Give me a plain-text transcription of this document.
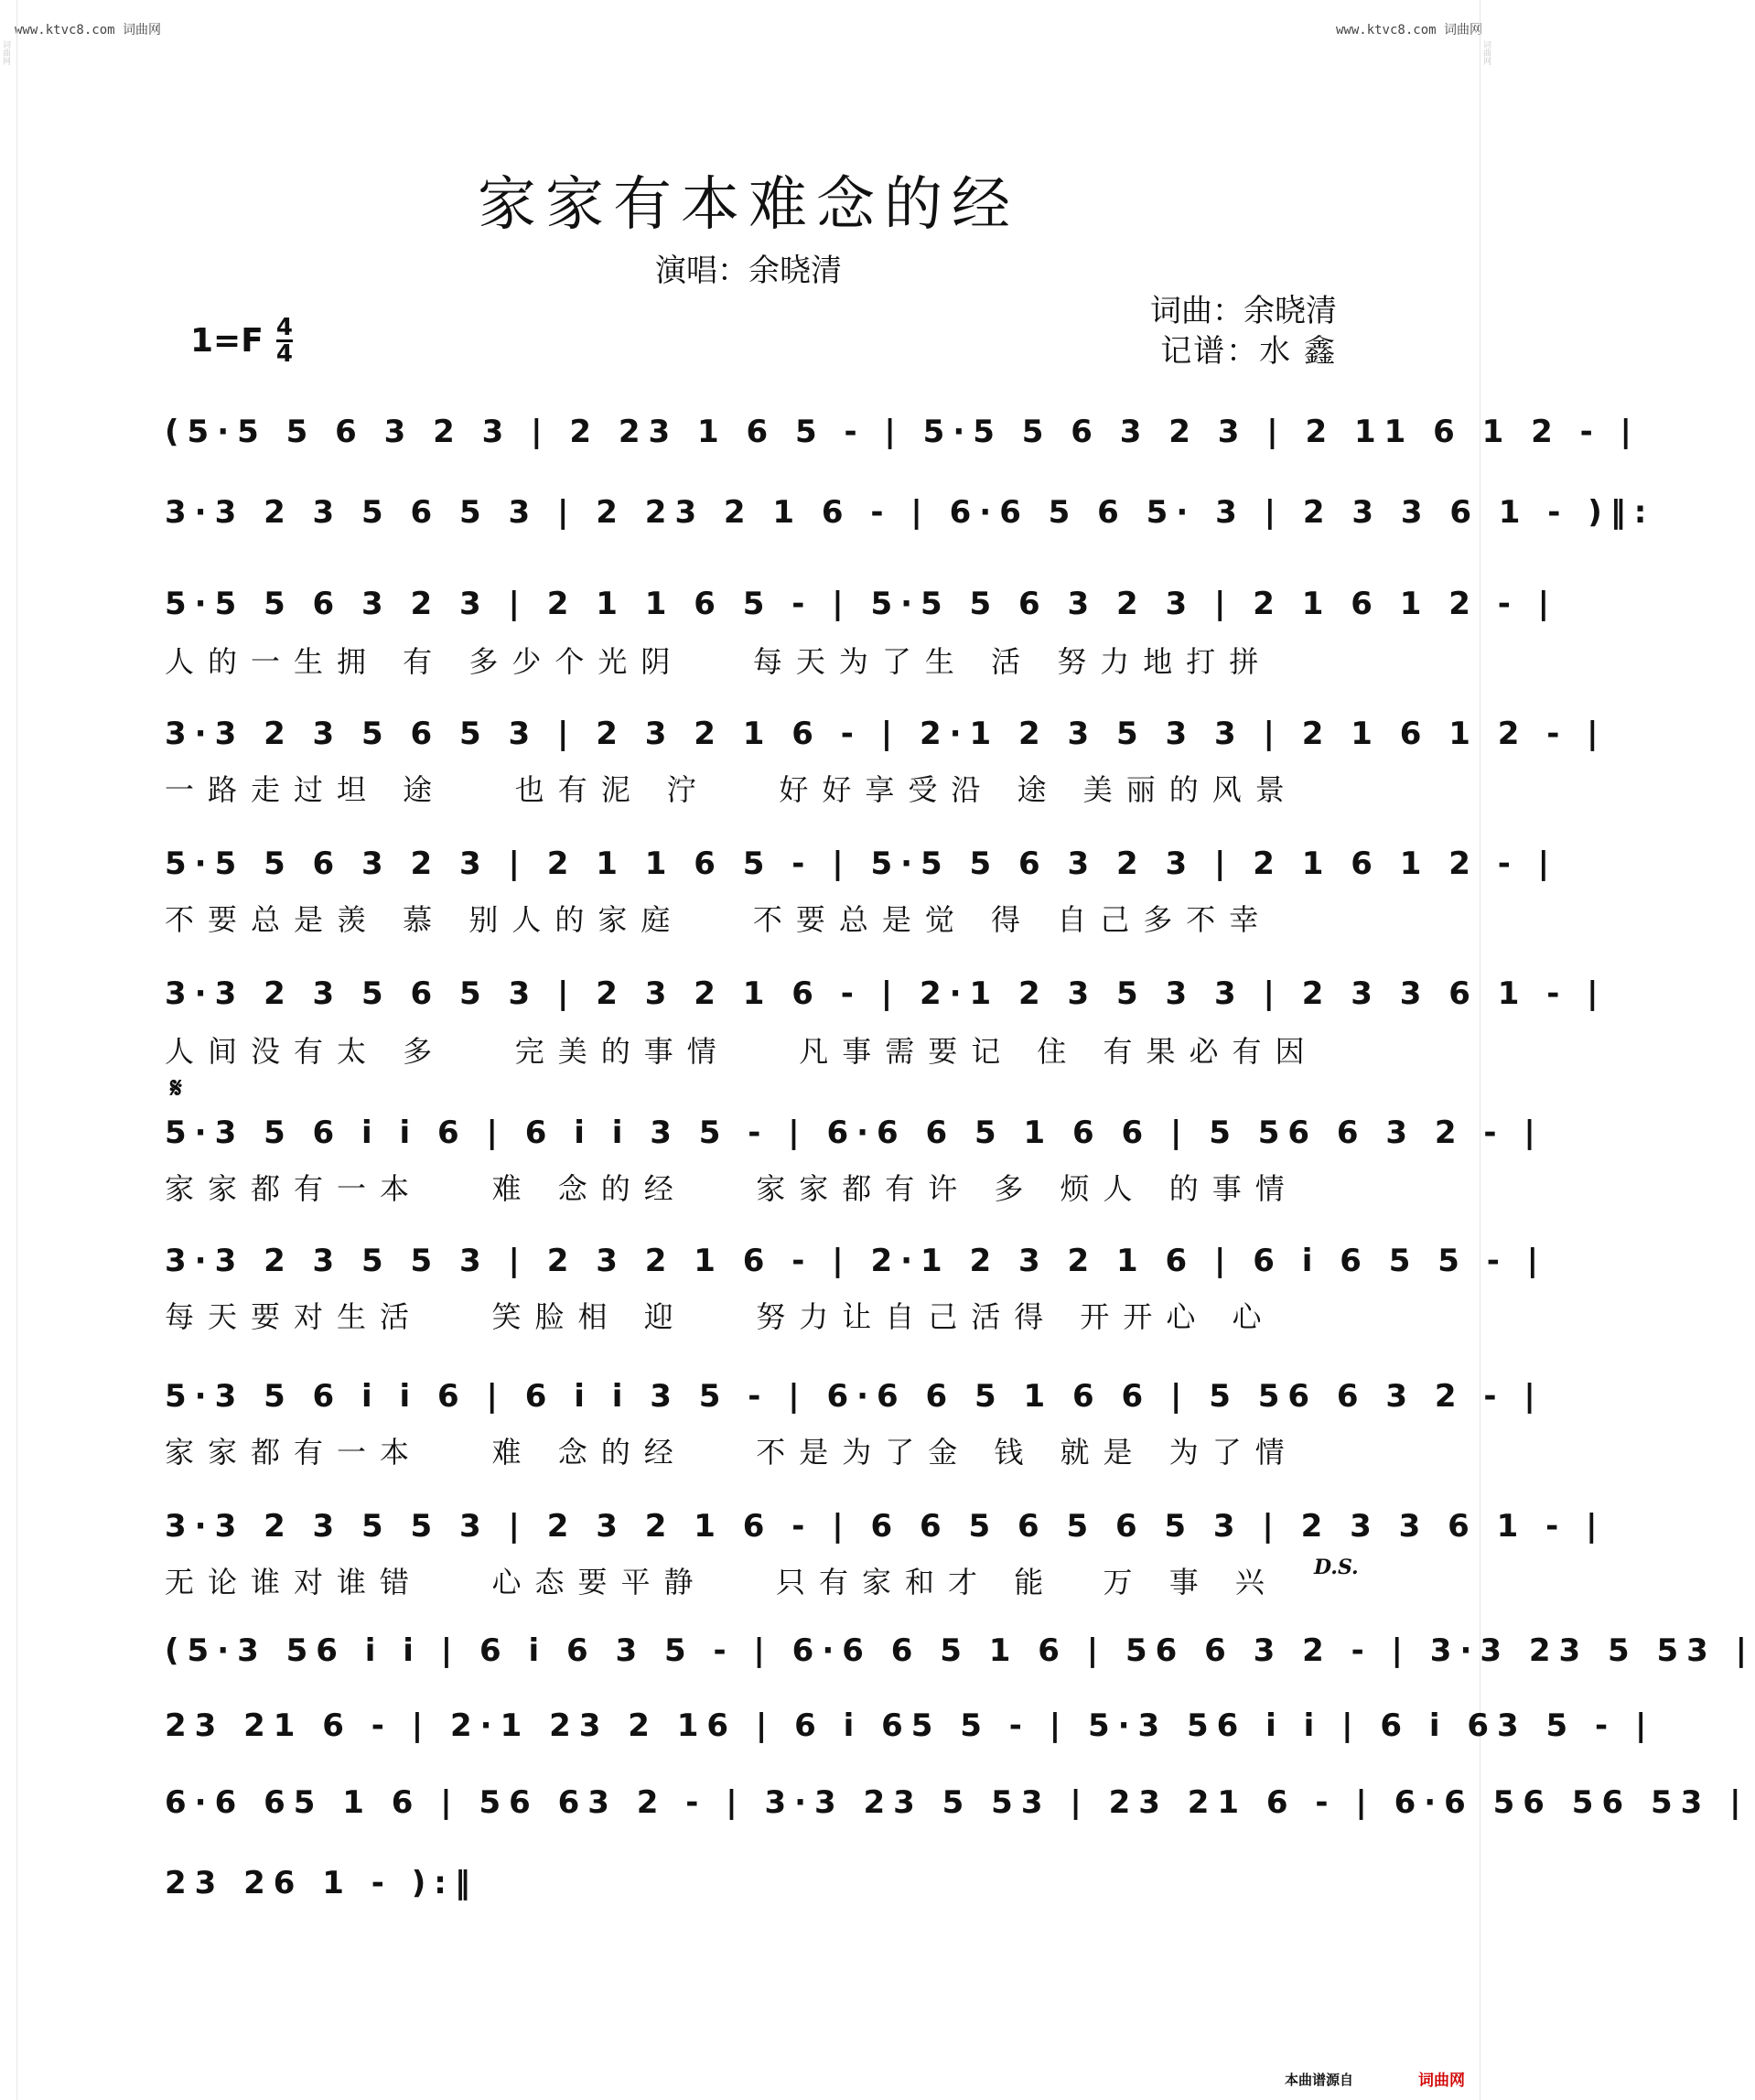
www.ktvc8.com 词曲网	www.ktvc8.com 词曲网
词曲网	词曲网
家家有本难念的经
演唱：余晓清
词曲：余晓清
记谱：水 鑫
$1=F \frac{4}{4}$
(5·5 5 6 3 2 3 | 2 23 1 6 5 - | 5·5 5 6 3 2 3 | 2 11 6 1 2 - |
3·3 2 3 5 6 5 3 | 2 23 2 1 6 - | 6·6 5 6 5· 3 | 2 3 3 6 1 - )‖:
5·5 5 6 3 2 3 | 2 1 1 6 5 - | 5·5 5 6 3 2 3 | 2 1 6 1 2 - |
人的一生拥 有 多少个光阴   每天为了生 活 努力地打拼
3·3 2 3 5 6 5 3 | 2 3 2 1 6 - | 2·1 2 3 5 3 3 | 2 1 6 1 2 - |
一路走过坦 途   也有泥 泞   好好享受沿 途 美丽的风景
5·5 5 6 3 2 3 | 2 1 1 6 5 - | 5·5 5 6 3 2 3 | 2 1 6 1 2 - |
不要总是羡 慕 别人的家庭   不要总是觉 得 自己多不幸
3·3 2 3 5 6 5 3 | 2 3 2 1 6 - | 2·1 2 3 5 3 3 | 2 3 3 6 1 - |
人间没有太 多   完美的事情   凡事需要记 住 有果必有因
𝄋
5·3 5 6 i i 6 | 6 i i 3 5 - | 6·6 6 5 1 6 6 | 5 56 6 3 2 - |
家家都有一本   难 念的经   家家都有许 多 烦人 的事情
3·3 2 3 5 5 3 | 2 3 2 1 6 - | 2·1 2 3 2 1 6 | 6 i 6 5 5 - |
每天要对生活   笑脸相 迎   努力让自己活得 开开心 心
5·3 5 6 i i 6 | 6 i i 3 5 - | 6·6 6 5 1 6 6 | 5 56 6 3 2 - |
家家都有一本   难 念的经   不是为了金 钱 就是 为了情
3·3 2 3 5 5 3 | 2 3 2 1 6 - | 6 6 5 6 5 6 5 3 | 2 3 3 6 1 - |
无论谁对谁错   心态要平静   只有家和才 能  万 事 兴 D.S.
(5·3 56 i i | 6 i 6 3 5 - | 6·6 6 5 1 6 | 56 6 3 2 - | 3·3 23 5 53 |
23 21 6 - | 2·1 23 2 16 | 6 i 65 5 - | 5·3 56 i i | 6 i 63 5 - |
6·6 65 1 6 | 56 63 2 - | 3·3 23 5 53 | 23 21 6 - | 6·6 56 56 53 |
23 26 1 - ):‖
本曲谱源自	词曲网
